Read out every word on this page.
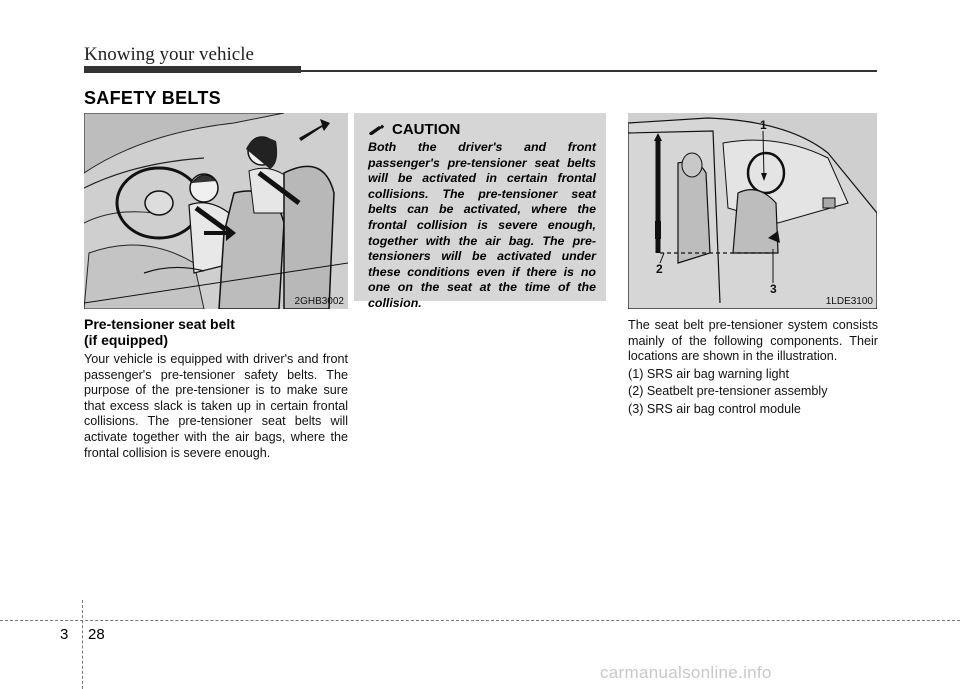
Knowing your vehicle
SAFETY BELTS
2GHB3002
CAUTION

Both the driver's and front passenger's pre-tensioner seat belts will be activated in certain frontal collisions. The pre-tensioner seat belts can be activated, where the frontal collision is severe enough, together with the air bag. The pre-tensioners will be activated under these conditions even if there is no one on the seat at the time of the collision.

1
2
3
1LDE3100
Pre-tensioner seat belt
(if equipped)
Your vehicle is equipped with driver's and front passenger's pre-tensioner safety belts. The purpose of the pre-tensioner is to make sure that excess slack is taken up in certain frontal collisions. The pre-tensioner seat belts will activate together with the air bags, where the frontal collision is severe enough.

The seat belt pre-tensioner system consists mainly of the following components. Their locations are shown in the illustration.

(1) SRS air bag warning light

(2) Seatbelt pre-tensioner assembly

(3) SRS air bag control module

3 28
carmanualsonline.info
